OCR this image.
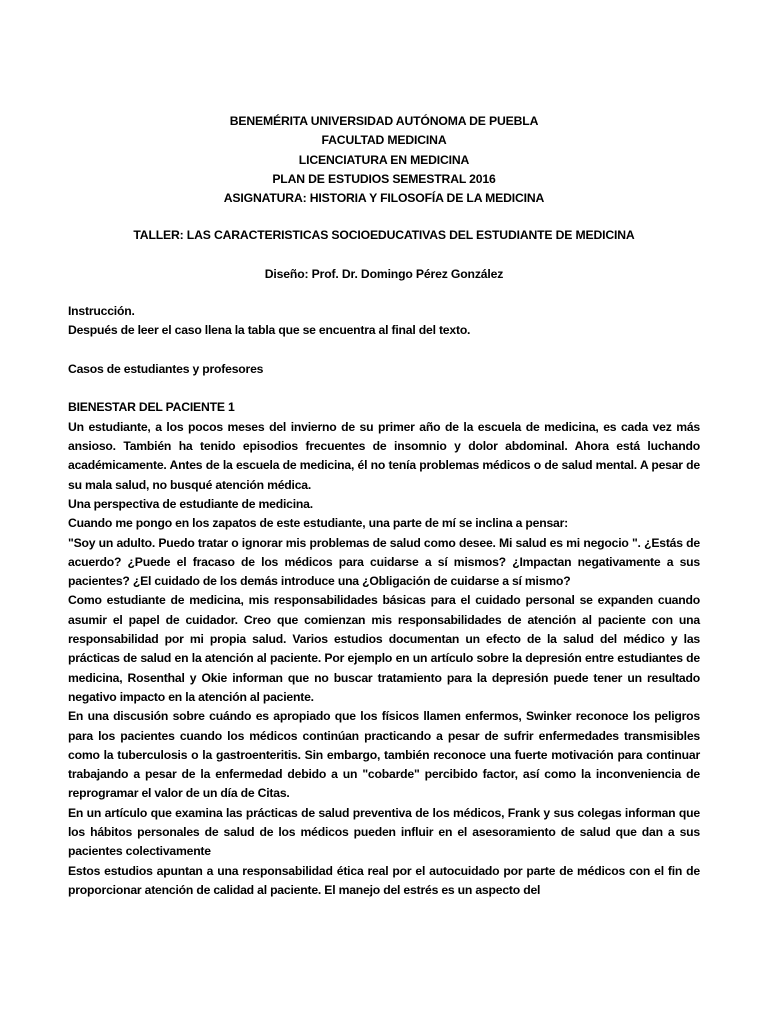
BENEMÉRITA UNIVERSIDAD AUTÓNOMA DE PUEBLA
FACULTAD MEDICINA
LICENCIATURA EN MEDICINA
PLAN DE ESTUDIOS SEMESTRAL 2016
ASIGNATURA: HISTORIA Y FILOSOFÍA DE LA MEDICINA
TALLER: LAS CARACTERISTICAS SOCIOEDUCATIVAS DEL ESTUDIANTE DE MEDICINA
Diseño: Prof. Dr. Domingo Pérez González

Instrucción.

Después de leer el caso llena la tabla que se encuentra al final del texto.

Casos de estudiantes y profesores

BIENESTAR DEL PACIENTE 1

Un estudiante, a los pocos meses del invierno de su primer año de la escuela de medicina, es cada vez más ansioso. También ha tenido episodios frecuentes de insomnio y dolor abdominal. Ahora está luchando académicamente. Antes de la escuela de medicina, él no tenía problemas médicos o de salud mental. A pesar de su mala salud, no busqué atención médica.

Una perspectiva de estudiante de medicina.

Cuando me pongo en los zapatos de este estudiante, una parte de mí se inclina a pensar:

"Soy un adulto. Puedo tratar o ignorar mis problemas de salud como desee. Mi salud es mi negocio ". ¿Estás de acuerdo? ¿Puede el fracaso de los médicos para cuidarse a sí mismos? ¿Impactan negativamente a sus pacientes? ¿El cuidado de los demás introduce una ¿Obligación de cuidarse a sí mismo?

Como estudiante de medicina, mis responsabilidades básicas para el cuidado personal se expanden cuando asumir el papel de cuidador. Creo que comienzan mis responsabilidades de atención al paciente con una responsabilidad por mi propia salud. Varios estudios documentan un efecto de la salud del médico y las prácticas de salud en la atención al paciente. Por ejemplo en un artículo sobre la depresión entre estudiantes de medicina, Rosenthal y Okie informan que no buscar tratamiento para la depresión puede tener un resultado negativo impacto en la atención al paciente.

En una discusión sobre cuándo es apropiado que los físicos llamen enfermos, Swinker reconoce los peligros para los pacientes cuando los médicos continúan practicando a pesar de sufrir enfermedades transmisibles como la tuberculosis o la gastroenteritis. Sin embargo, también reconoce una fuerte motivación para continuar trabajando a pesar de la enfermedad debido a un "cobarde" percibido factor, así como la inconveniencia de reprogramar el valor de un día de Citas.

En un artículo que examina las prácticas de salud preventiva de los médicos, Frank y sus colegas informan que los hábitos personales de salud de los médicos pueden influir en el asesoramiento de salud que dan a sus pacientes colectivamente

Estos estudios apuntan a una responsabilidad ética real por el autocuidado por parte de médicos con el fin de proporcionar atención de calidad al paciente. El manejo del estrés es un aspecto del
